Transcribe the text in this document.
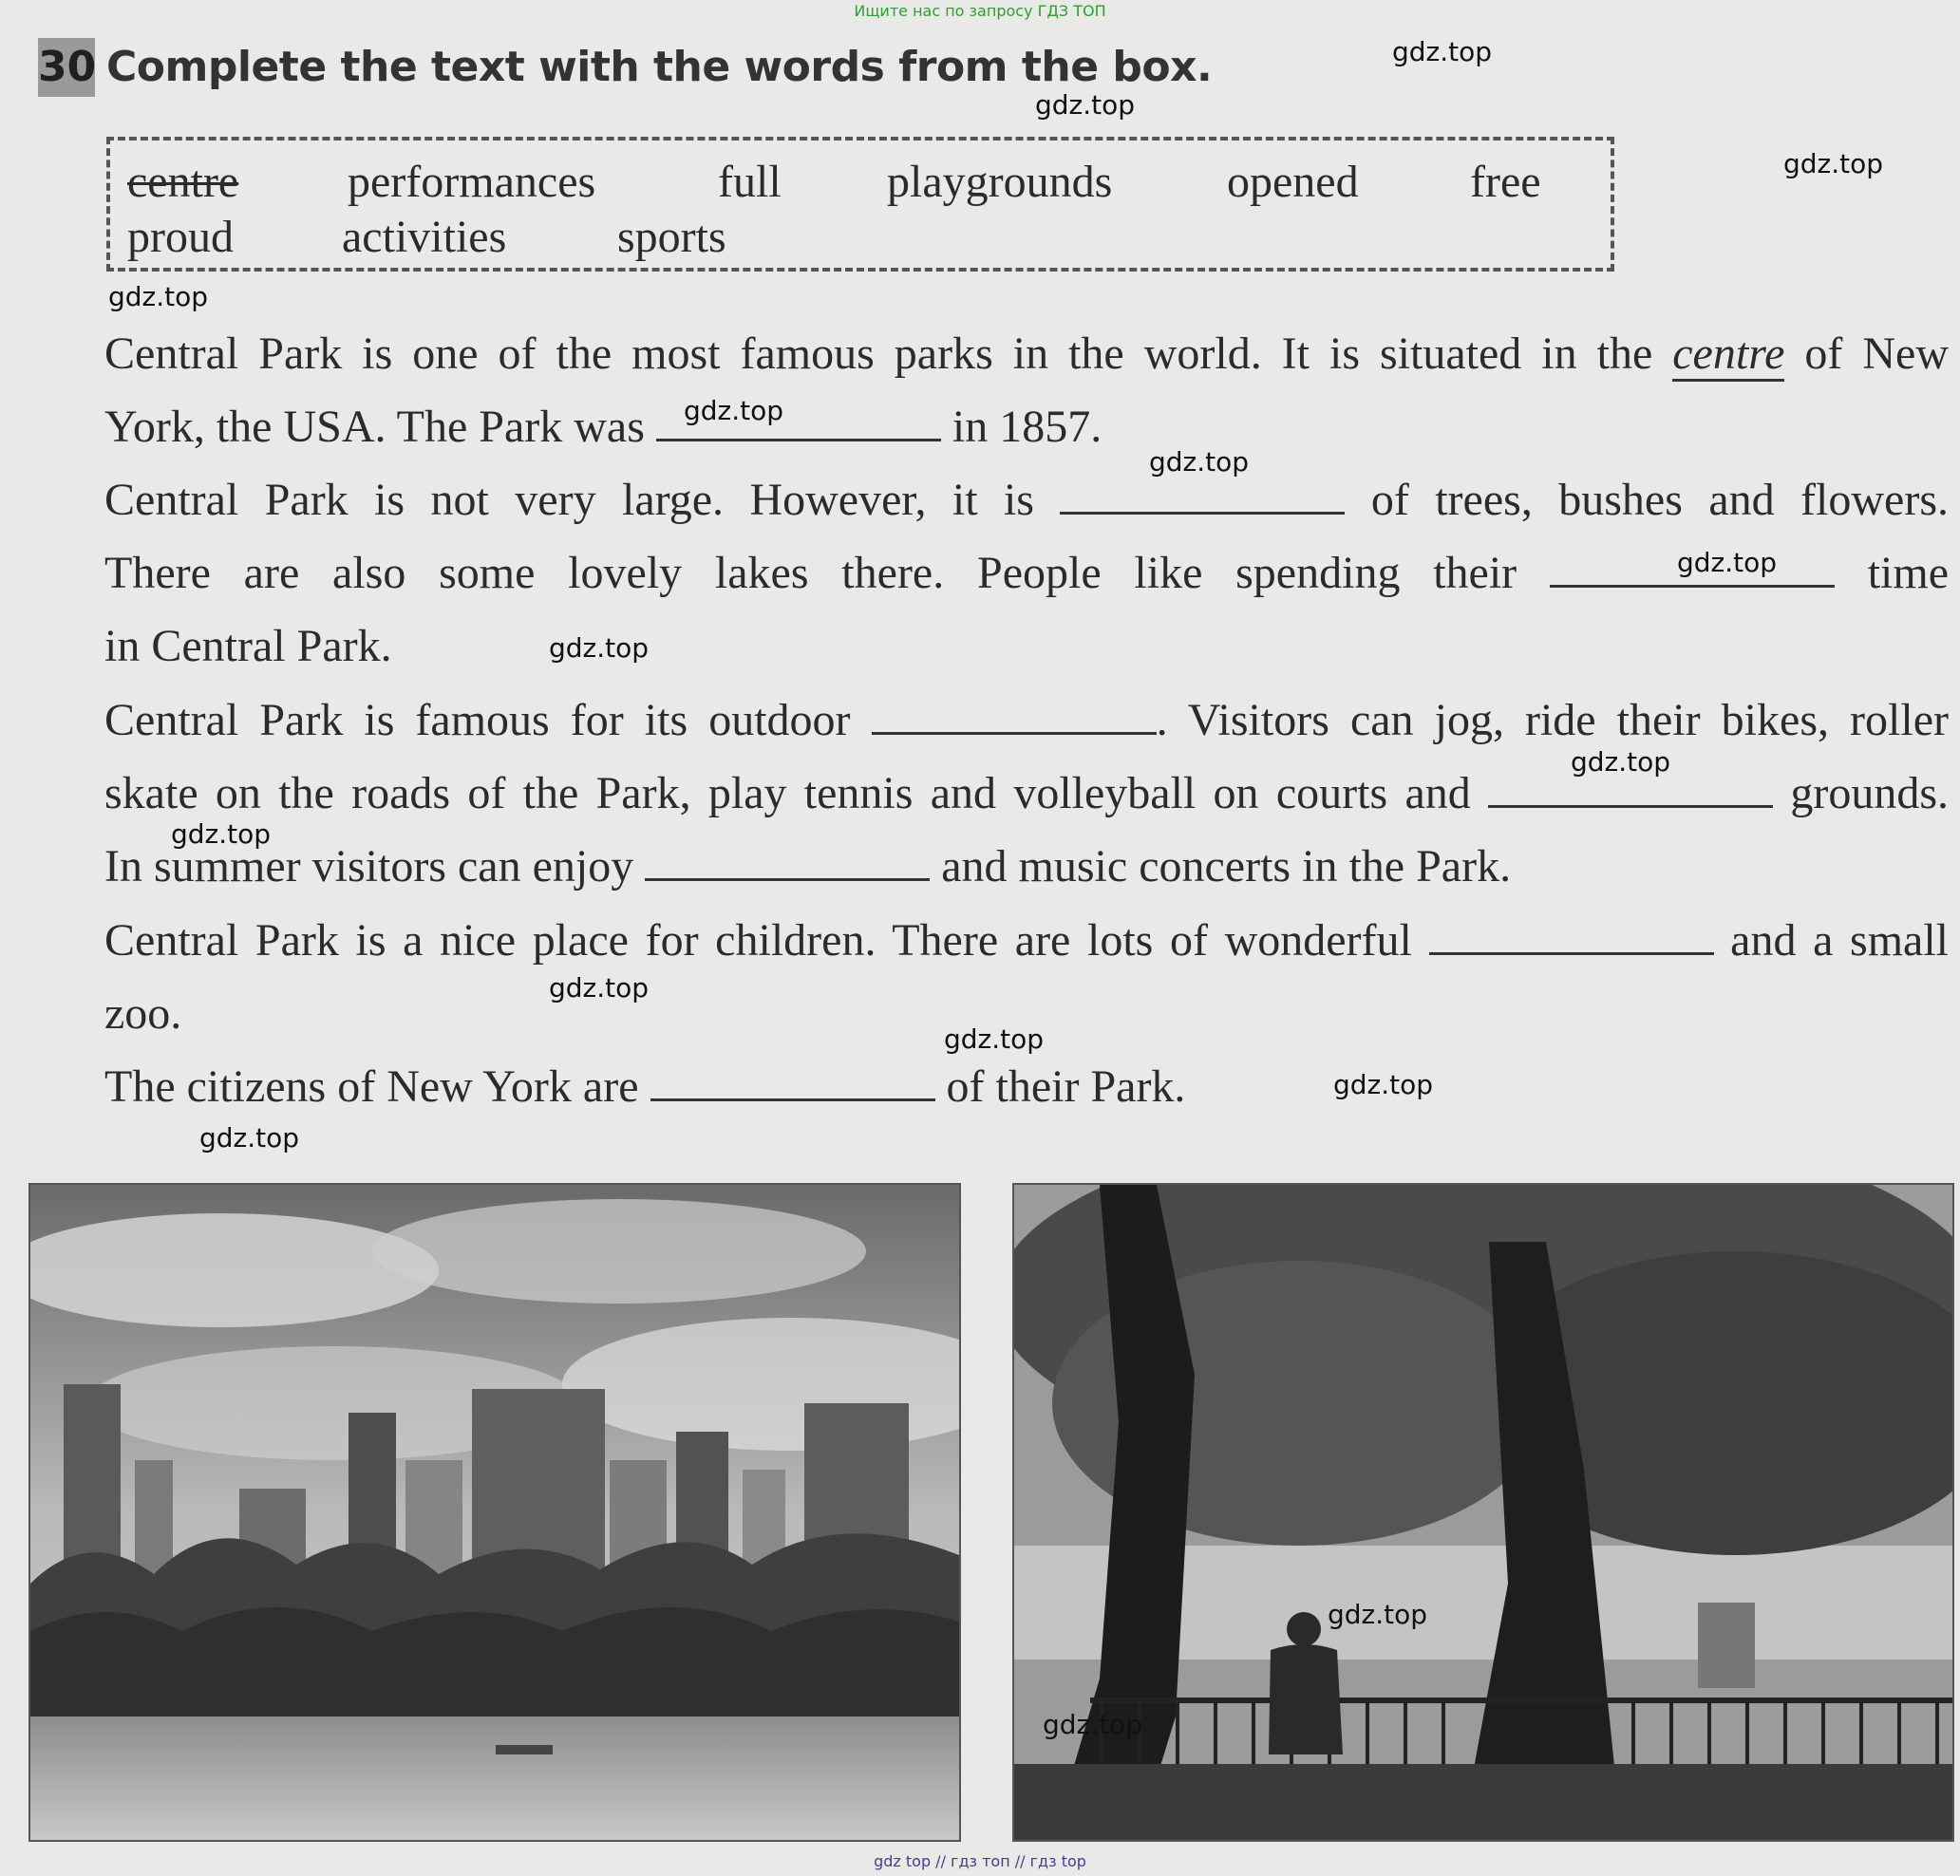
Ищите нас по запросу ГДЗ ТОП
30 Complete the text with the words from the box.
centre performances	full playgrounds	opened free
proud activities sports
Central Park is one of the most famous parks in the world. It is situated in the centre of New
York, the USA. The Park was	in 1857.
Central Park is not very large. However, it is	of trees, bushes and flowers.
There are also some lovely lakes there. People like spending their	time
in Central Park.
Central Park is famous for its outdoor	. Visitors can jog, ride their bikes, roller
skate on the roads of the Park, play tennis and volleyball on courts and	grounds.
In summer visitors can enjoy	and music concerts in the Park.
Central Park is a nice place for children. There are lots of wonderful	and a small
zoo.
The citizens of New York are	of their Park.
gdz.top
gdz.top
gdz.top
gdz.top
gdz.top
gdz.top
gdz.top
gdz.top
gdz.top
gdz.top
gdz.top
gdz.top
gdz.top
gdz.top
gdz.top
gdz.top
gdz top // гдз топ // гдз top
